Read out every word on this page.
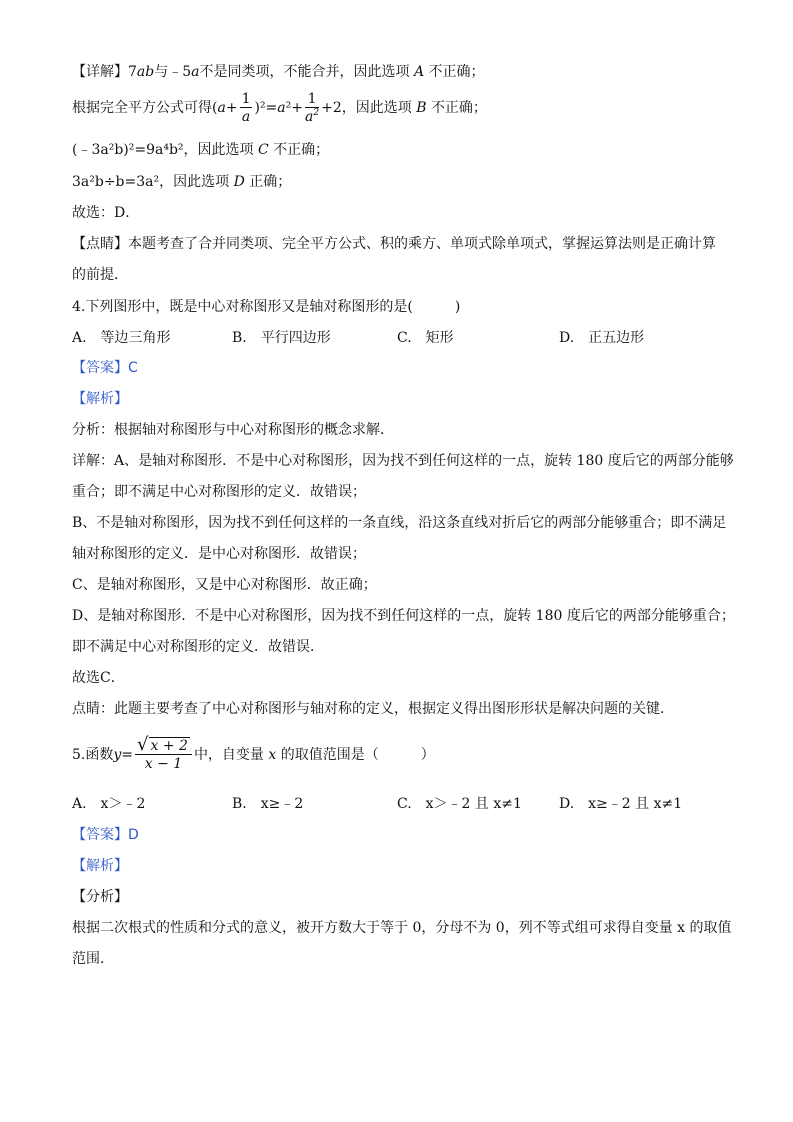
【详解】7ab与﹣5a不是同类项，不能合并，因此选项 A 不正确；
根据完全平方公式可得$(a+ \frac{1}{a} )^2=a^2+ \frac{1}{a^2} +2$，因此选项 B 不正确；
(﹣3a²b)²=9a⁴b²，因此选项 C 不正确；
3a²b÷b=3a²，因此选项 D 正确；
故选：D．
【点睛】本题考查了合并同类项、完全平方公式、积的乘方、单项式除单项式，掌握运算法则是正确计算
的前提．
4.下列图形中，既是中心对称图形又是轴对称图形的是(　　　)
A.　等边三角形	B.　平行四边形	C.　矩形	D.　正五边形
【答案】C
【解析】
分析：根据轴对称图形与中心对称图形的概念求解．
详解：A、是轴对称图形．不是中心对称图形，因为找不到任何这样的一点，旋转 180 度后它的两部分能够
重合；即不满足中心对称图形的定义．故错误；
B、不是轴对称图形，因为找不到任何这样的一条直线，沿这条直线对折后它的两部分能够重合；即不满足
轴对称图形的定义．是中心对称图形．故错误；
C、是轴对称图形，又是中心对称图形．故正确；
D、是轴对称图形．不是中心对称图形，因为找不到任何这样的一点，旋转 180 度后它的两部分能够重合；
即不满足中心对称图形的定义．故错误．
故选C．
点睛：此题主要考查了中心对称图形与轴对称的定义，根据定义得出图形形状是解决问题的关键．
5.函数$y= \frac{√ x + 2}{x - 1}$ 中，自变量 x 的取值范围是（　　　）
A.　x＞﹣2	B.　x≥﹣2	C.　x＞﹣2 且 x≠1	D.　x≥﹣2 且 x≠1
【答案】D
【解析】
【分析】
根据二次根式的性质和分式的意义，被开方数大于等于 0，分母不为 0，列不等式组可求得自变量 x 的取值
范围．
